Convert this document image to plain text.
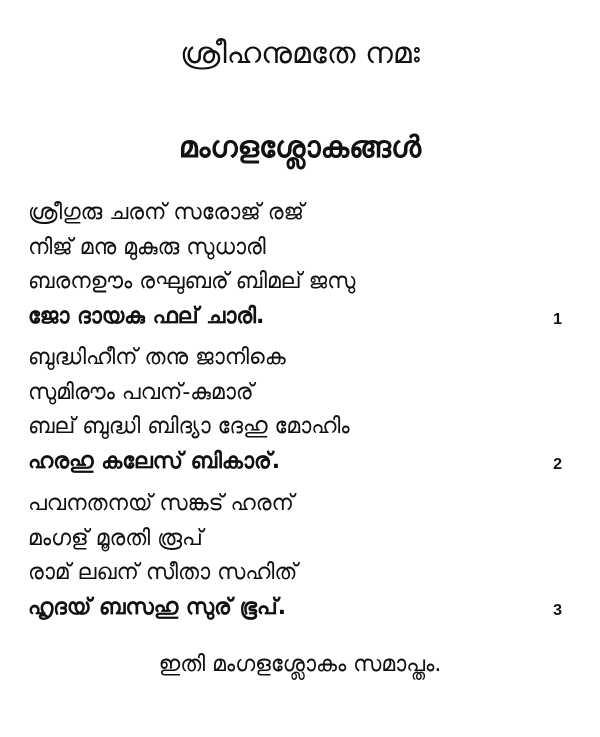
ശ്രീഹനുമതേ നമഃ
മംഗളശ്ലോകങ്ങൾ
ശ്രീഗുരു ചരന് സരോജ് രജ്
നിജ് മനു മുകുരു സുധാരി
ബരനഊം രഘുബര് ബിമല് ജസു
ജോ ദായകു ഫല് ചാരി.	1
ബുദ്ധിഹീന് തനു ജാനികെ
സുമിരൗം പവന്-കുമാര്
ബല് ബുദ്ധി ബിദ്യാ ദേഹു മോഹിം
ഹരഹു കലേസ് ബികാര്.	2
പവനതനയ് സങ്കട് ഹരന്
മംഗള് മൂരതി രൂപ്
രാമ് ലഖന് സീതാ സഹിത്
ഹൃദയ് ബസഹു സുര് ഭൂപ്.	3
ഇതി മംഗളശ്ലോകം സമാപ്തം.
